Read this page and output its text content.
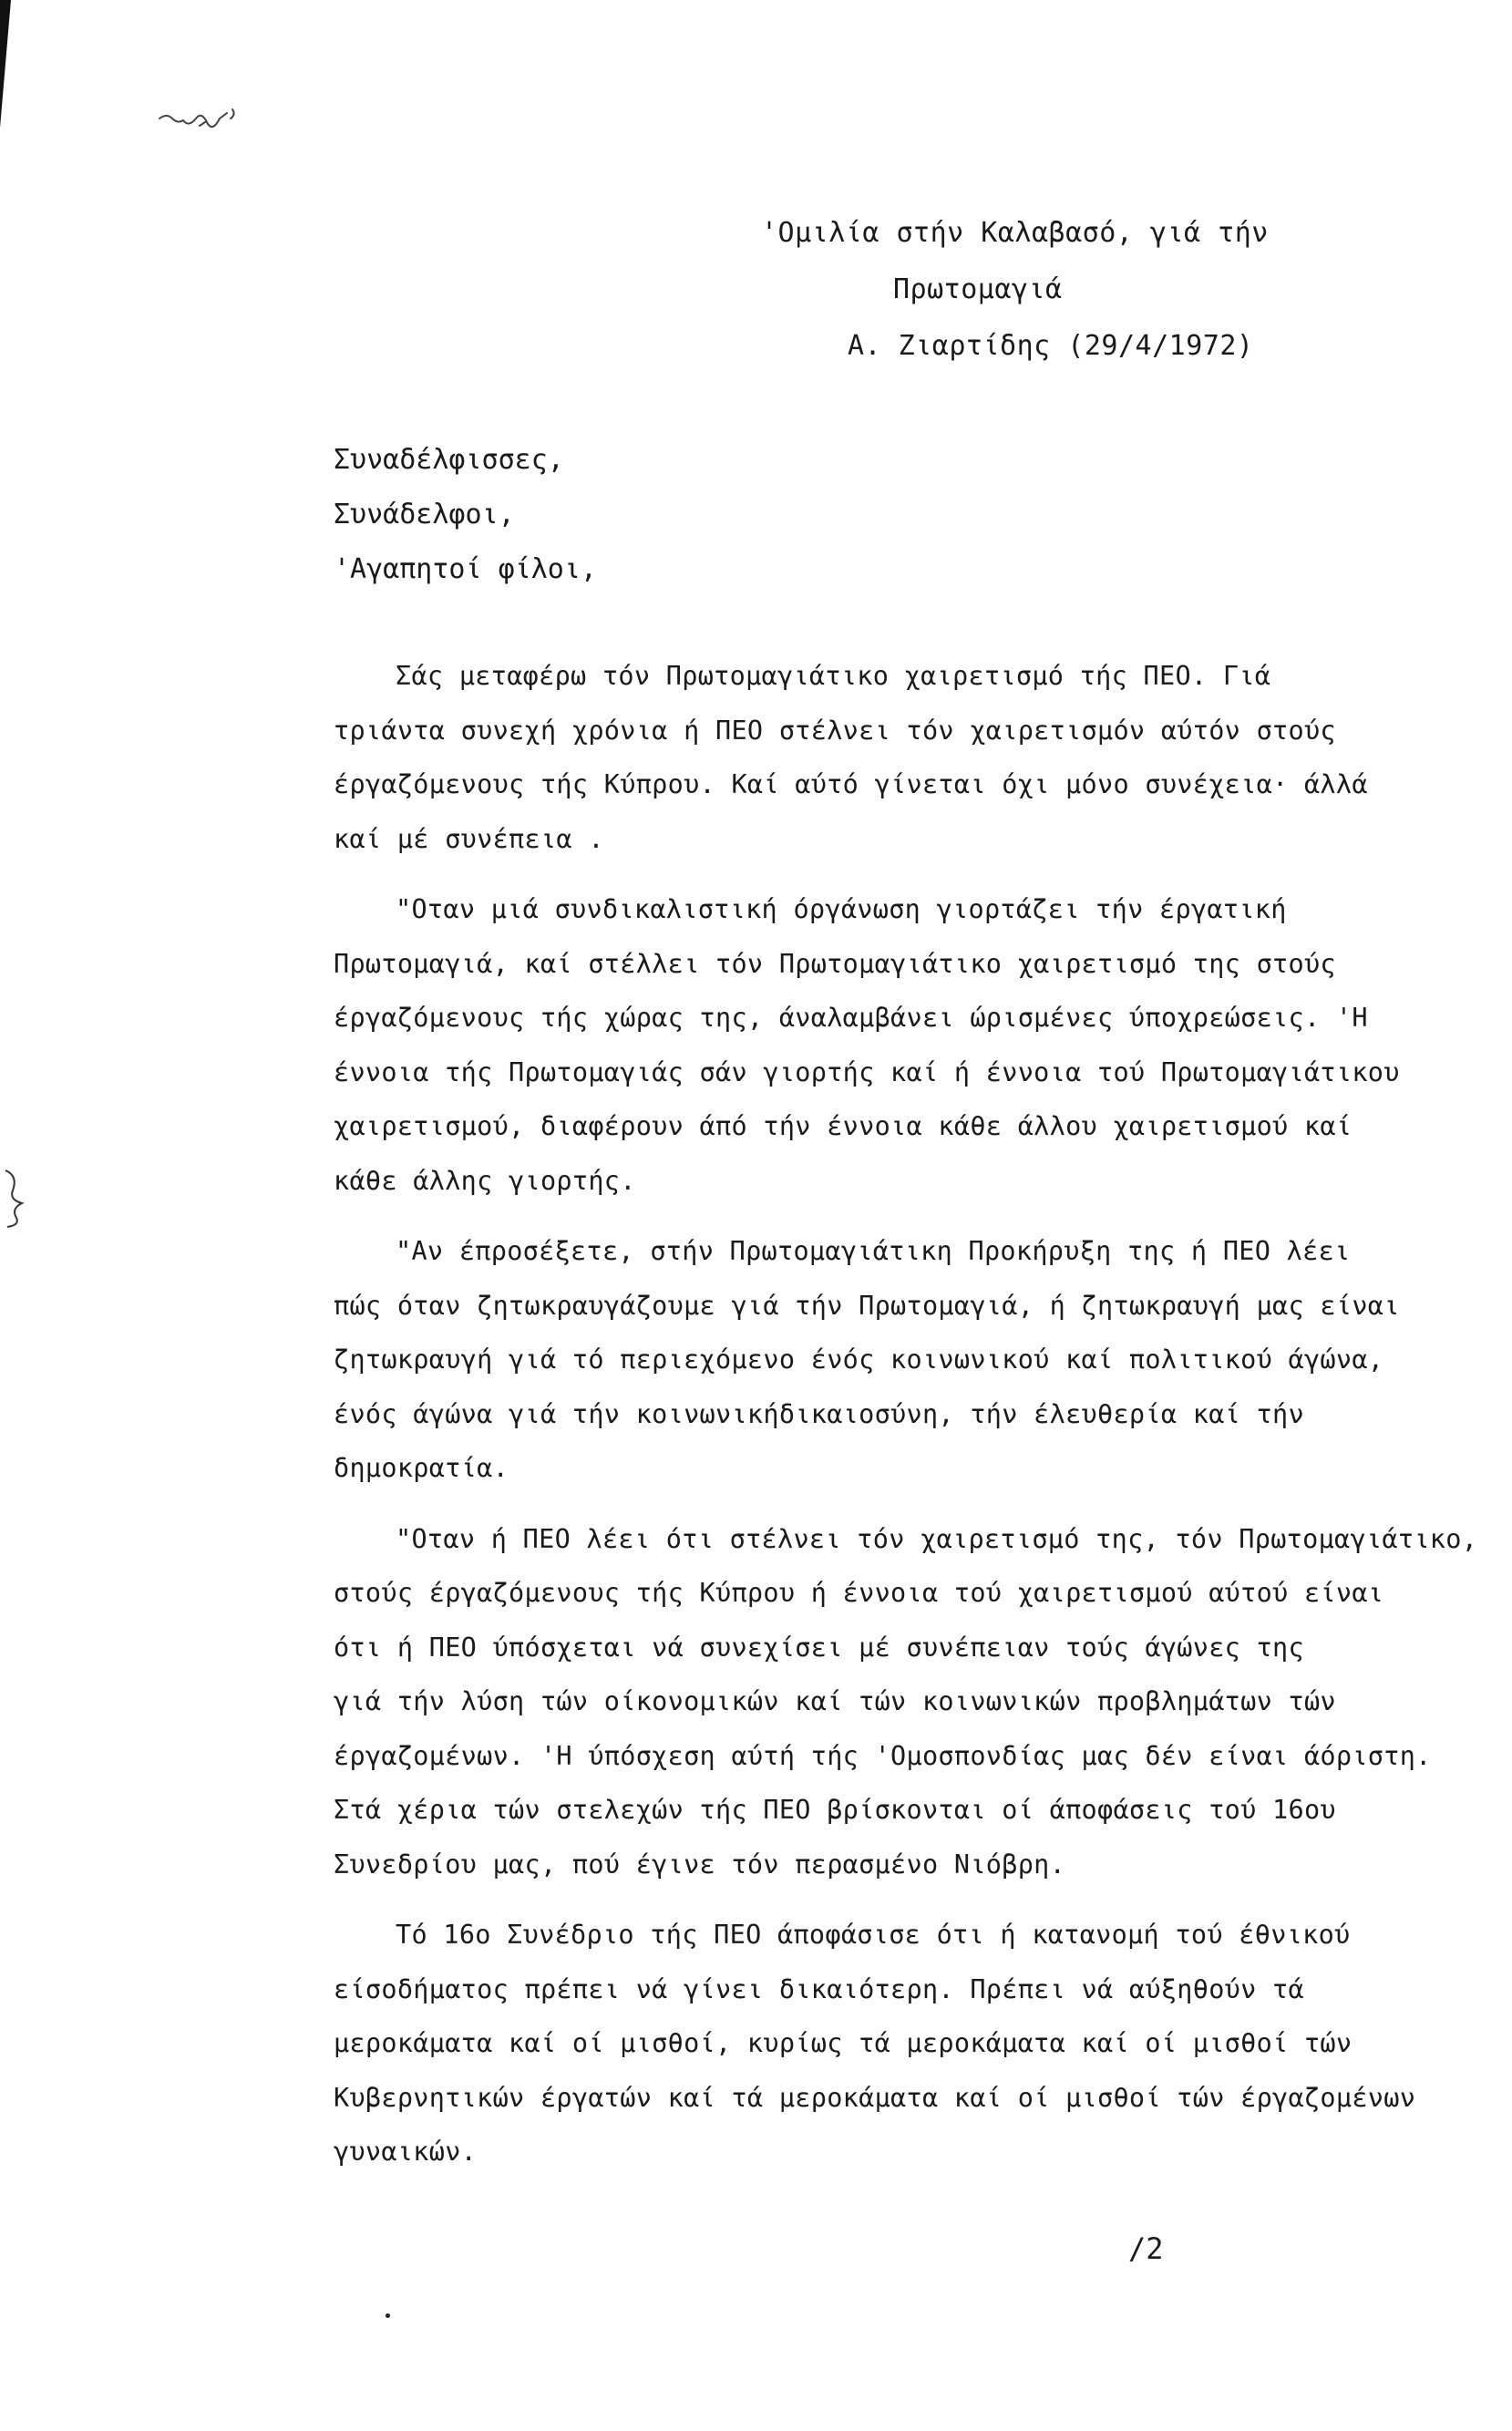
'Ομιλία στήν Καλαβασό, γιά τήν
Πρωτομαγιά
Α. Ζιαρτίδης (29/4/1972)
Συναδέλφισσες,
Συνάδελφοι,
'Αγαπητοί φίλοι,
Σάς μεταφέρω τόν Πρωτομαγιάτικο χαιρετισμό τής ΠΕΟ. Γιά
τριάντα συνεχή χρόνια ή ΠΕΟ στέλνει τόν χαιρετισμόν αύτόν στούς
έργαζόμενους τής Κύπρου. Καί αύτό γίνεται όχι μόνο συνέχεια· άλλά
καί μέ συνέπεια .
"Οταν μιά συνδικαλιστική όργάνωση γιορτάζει τήν έργατική
Πρωτομαγιά, καί στέλλει τόν Πρωτομαγιάτικο χαιρετισμό της στούς
έργαζόμενους τής χώρας της, άναλαμβάνει ώρισμένες ύποχρεώσεις. 'Η
έννοια τής Πρωτομαγιάς σάν γιορτής καί ή έννοια τού Πρωτομαγιάτικου
χαιρετισμού, διαφέρουν άπό τήν έννοια κάθε άλλου χαιρετισμού καί
κάθε άλλης γιορτής.
"Αν έπροσέξετε, στήν Πρωτομαγιάτικη Προκήρυξη της ή ΠΕΟ λέει
πώς όταν ζητωκραυγάζουμε γιά τήν Πρωτομαγιά, ή ζητωκραυγή μας είναι
ζητωκραυγή γιά τό περιεχόμενο ένός κοινωνικού καί πολιτικού άγώνα,
ένός άγώνα γιά τήν κοινωνικήδικαιοσύνη, τήν έλευθερία καί τήν
δημοκρατία.
"Οταν ή ΠΕΟ λέει ότι στέλνει τόν χαιρετισμό της, τόν Πρωτομαγιάτικο,
στούς έργαζόμενους τής Κύπρου ή έννοια τού χαιρετισμού αύτού είναι
ότι ή ΠΕΟ ύπόσχεται νά συνεχίσει μέ συνέπειαν τούς άγώνες της
γιά τήν λύση τών οίκονομικών καί τών κοινωνικών προβλημάτων τών
έργαζομένων. 'Η ύπόσχεση αύτή τής 'Ομοσπονδίας μας δέν είναι άόριστη.
Στά χέρια τών στελεχών τής ΠΕΟ βρίσκονται οί άποφάσεις τού 16ου
Συνεδρίου μας, πού έγινε τόν περασμένο Νιόβρη.
Τό 16ο Συνέδριο τής ΠΕΟ άποφάσισε ότι ή κατανομή τού έθνικού
είσοδήματος πρέπει νά γίνει δικαιότερη. Πρέπει νά αύξηθούν τά
μεροκάματα καί οί μισθοί, κυρίως τά μεροκάματα καί οί μισθοί τών
Κυβερνητικών έργατών καί τά μεροκάματα καί οί μισθοί τών έργαζομένων
γυναικών.
/2
